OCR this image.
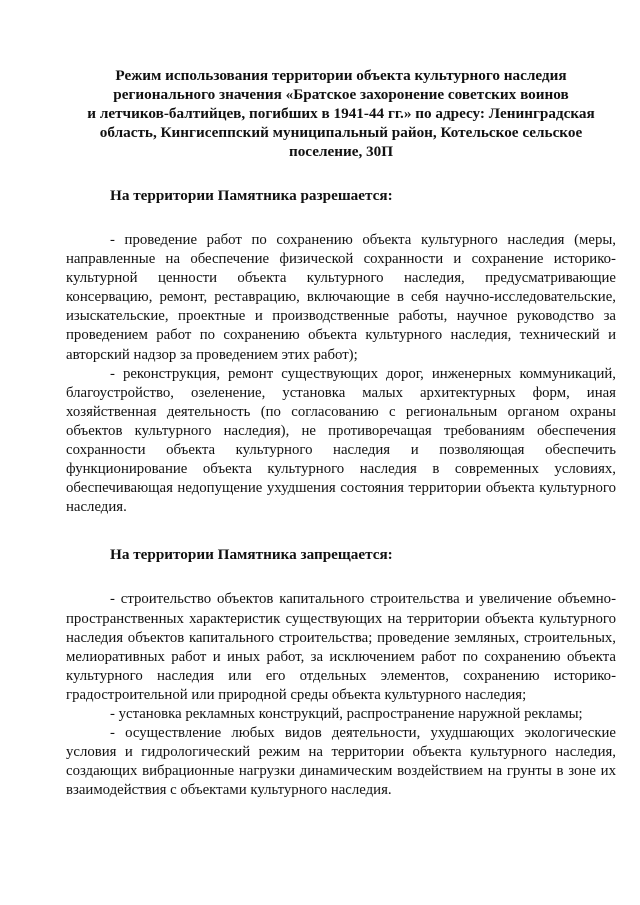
Режим использования территории объекта культурного наследия
регионального значения «Братское захоронение советских воинов
и летчиков-балтийцев, погибших в 1941-44 гг.» по адресу: Ленинградская
область, Кингисеппский муниципальный район, Котельское сельское
поселение, 30П
На территории Памятника разрешается:

- проведение работ по сохранению объекта культурного наследия (меры, направленные на обеспечение физической сохранности и сохранение историко-культурной ценности объекта культурного наследия, предусматривающие консервацию, ремонт, реставрацию, включающие в себя научно-исследовательские, изыскательские, проектные и производственные работы, научное руководство за проведением работ по сохранению объекта культурного наследия, технический и авторский надзор за проведением этих работ);

- реконструкция, ремонт существующих дорог, инженерных коммуникаций, благоустройство, озеленение, установка малых архитектурных форм, иная хозяйственная деятельность (по согласованию с региональным органом охраны объектов культурного наследия), не противоречащая требованиям обеспечения сохранности объекта культурного наследия и позволяющая обеспечить функционирование объекта культурного наследия в современных условиях, обеспечивающая недопущение ухудшения состояния территории объекта культурного наследия.

На территории Памятника запрещается:

- строительство объектов капитального строительства и увеличение объемно-пространственных характеристик существующих на территории объекта культурного наследия объектов капитального строительства; проведение земляных, строительных, мелиоративных работ и иных работ, за исключением работ по сохранению объекта культурного наследия или его отдельных элементов, сохранению историко-градостроительной или природной среды объекта культурного наследия;

- установка рекламных конструкций, распространение наружной рекламы;

- осуществление любых видов деятельности, ухудшающих экологические условия и гидрологический режим на территории объекта культурного наследия, создающих вибрационные нагрузки динамическим воздействием на грунты в зоне их взаимодействия с объектами культурного наследия.
